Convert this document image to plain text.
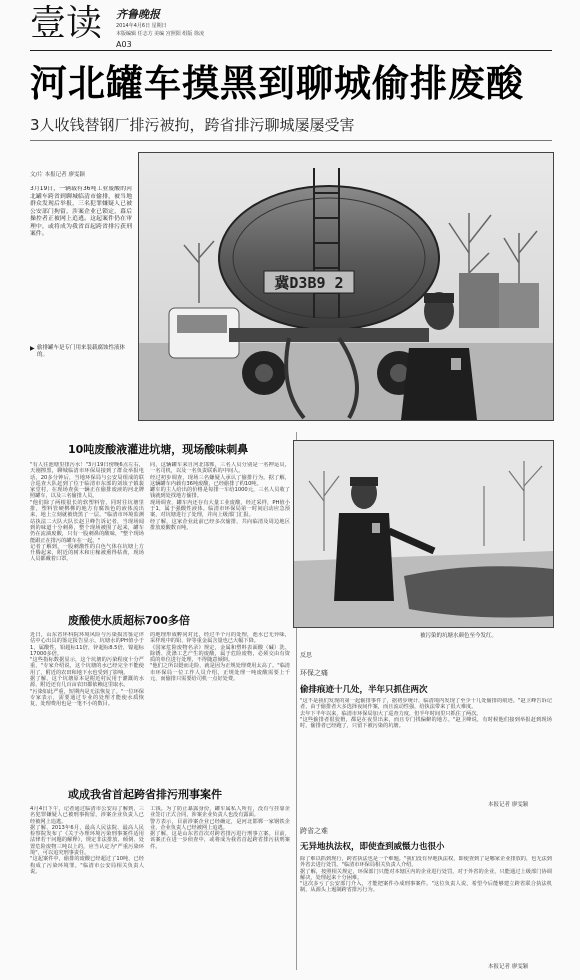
壹读 齐鲁晚报
2014年4月6日 星期日
本版编辑 任志方 美编 宫照阳 组版 徐凌
A03
河北罐车摸黑到聊城偷排废酸
3人收钱替钢厂排污被拘，跨省排污聊城屡屡受害
文/片 本报记者 廖雯颖
3月19日，一辆载有36吨工业废酸的河北罐车跨省到聊城临清市偷排，被当地群众发现后举报，三名犯罪嫌疑人已被公安部门拘留，涉案企业已锁定，幕后操控者正被网上追逃。这起案件仍在审理中，或将成为我省首起跨省排污获刑案件。
▶ 偷排罐车是专门用来装载腐蚀性液体的。
冀D3B9 2
10吨废酸液灌进坑塘，现场酸味刺鼻
"有人往池塘里排污水！"3月19日傍晚6点左右，天刚擦黑，聊城临清市环保局接到了群众举报电话，20多分钟后，当地环保局与公安局组成的联合巡查大队赶到了位于临清市东部的刘垓子镇裴家堂村，在现场查获一辆正在偷排废液的河北牌照罐车，以及三名偷排人员。
"他们除了两根很长的软塑料管，同时往坑塘里排，塑料管硬梆梆的地方有腐蚀色的液体流出来，地上立刻就被烧黑了一层。"临清市环境监测站执法二大队大队长赵卫峰告诉记者，当现场闻到的味道十分刺鼻，整个现场被围了起来，罐车仍在流淌废酸，只有一股刺鼻的酸味，"整个现场能跟正在排污的罐车在一起。"
记者了解到，一股刺激性的白色气体在坑塘上方升腾起来，附近的树木和庄稼被熏得枯黄，现场人员都戴着口罩。
同，这辆罐车来自河北邯郸，三名人员分别是一名押运员，一名司机，以及一名负责联系的中间人。
经过初步调查，现场三名嫌疑人承认了偷排行为。据了解，这辆罐车内载有36吨废酸，已经偷排了约10吨。
罐车的主人给出的价格是每排一车给1000元，三名人员收了钱就到处找地方偷排。
现场调查，罐车内还存有大量工业废酸，经过采样，PH值小于1，属于强酸性液体。临清市环保局第一时间启动应急预案，对坑塘进行了处理，并向上级部门汇报。
经了解，这家企业此前已经多次偷排，共向临清及周边地区排放废酸数百吨。
废酸使水质超标700多倍
近日，山东省环科院环境风险与污染损害鉴定评估中心出具的鉴定报告显示，坑塘水的PH值小于1，属酸性，铅超标11倍，锌超标8.5倍，镍超标17000多倍。
"这些指标数据显示，这个坑塘的污染程度十分严重，"专家介绍说，这个坑塘的水已经完全不能使用了，附近的农田和地下水也受到了影响。
据了解，这个坑塘原本是附近村民用于灌溉的水源，附近还有几百亩农田都依赖这里取水。
"污染如此严重，短期内是无法恢复了。"一位环保专家表示，需要通过专业的处理才能使水质恢复，处理费用也是一笔不小的数目。
的地理形成孵同对比，经过半个月的处理，池水已无异味，采样现中的铅、锌等重金属含量也已大幅下降。
《国家危险废物名录》规定，金属和塑料表面酸（碱）洗、除锈、洗涤工艺产生的废酸，属于危险废物，必须交由有资质的单位进行处理，不得随意倾倒。
"他们之所以铤而走险，就是因为正规处理费用太高了。"临清市环保局一位工作人员介绍，正规处理一吨废酸需要上千元，而偷排只需要给司机一点好处费。
或成我省首起跨省排污刑事案件
4月4日下午，记者通过临清市公安局了解到，三名犯罪嫌疑人已被刑事拘留，涉案企业负责人已经被网上追逃。
据了解，2013年6月，最高人民法院、最高人民检察院发布了《关于办理环境污染刑事案件适用法律若干问题的解释》，规定非法排放、倾倒、处置危险废物三吨以上的，应当认定为"严重污染环境"，可以追究刑事责任。
"这起案件中，偷排的废酸已经超过了10吨，已经构成了污染环境罪。"临清市公安局相关负责人说。
工钱。为了防止暴露身份，罐车属私人所有，没有与挂靠企业签订正式合同，涉案企业负责人也没有露面。
警方表示，目前涉案企业已经确定，是河北邯郸一家钢铁企业，企业负责人已经被网上追逃。
据了解，这是山东省首次对跨省排污进行刑事立案。目前，该案正在进一步侦查中，或将成为我省首起跨省排污获刑案件。
被污染的坑塘水颜色至今发红。
反思
环保之痛
偷排痕迹十几处，半年只抓住两次
"这不是我们发现的第一起偷排事件了，据初步统计，临清境内发现了至少十几处偷排的痕迹。"赵卫峰告诉记者，由于偷排者大多选择夜间作案，而且流动性强，给执法带来了很大难度。
去年下半年以来，临清市环保局加大了巡查力度，但半年时间里只抓住了两次。
"这些偷排者很狡猾，都是在夜里出来，而且专门找偏僻的地方。"赵卫峰说，有时候他们接到举报赶到现场时，偷排者已经跑了，只留下被污染的坑塘。
本报记者 廖雯颖
跨省之难
无异地执法权，即使查到威慑力也很小
除了难以抓到现行，跨省执法也是一个难题。"我们没有异地执法权，即使查到了是哪家企业排放的，也无法到外省去进行处罚。"临清市环保局相关负责人介绍。
据了解，按照相关规定，环保部门只能对本辖区内的企业进行处罚，对于外省的企业，只能通过上级部门协调解决，处理起来十分困难。
"这次多亏了公安部门介入，才能把案件办成刑事案件。"这位负责人说，希望今后能够建立跨省联合执法机制，从源头上遏制跨省排污行为。
本报记者 廖雯颖
